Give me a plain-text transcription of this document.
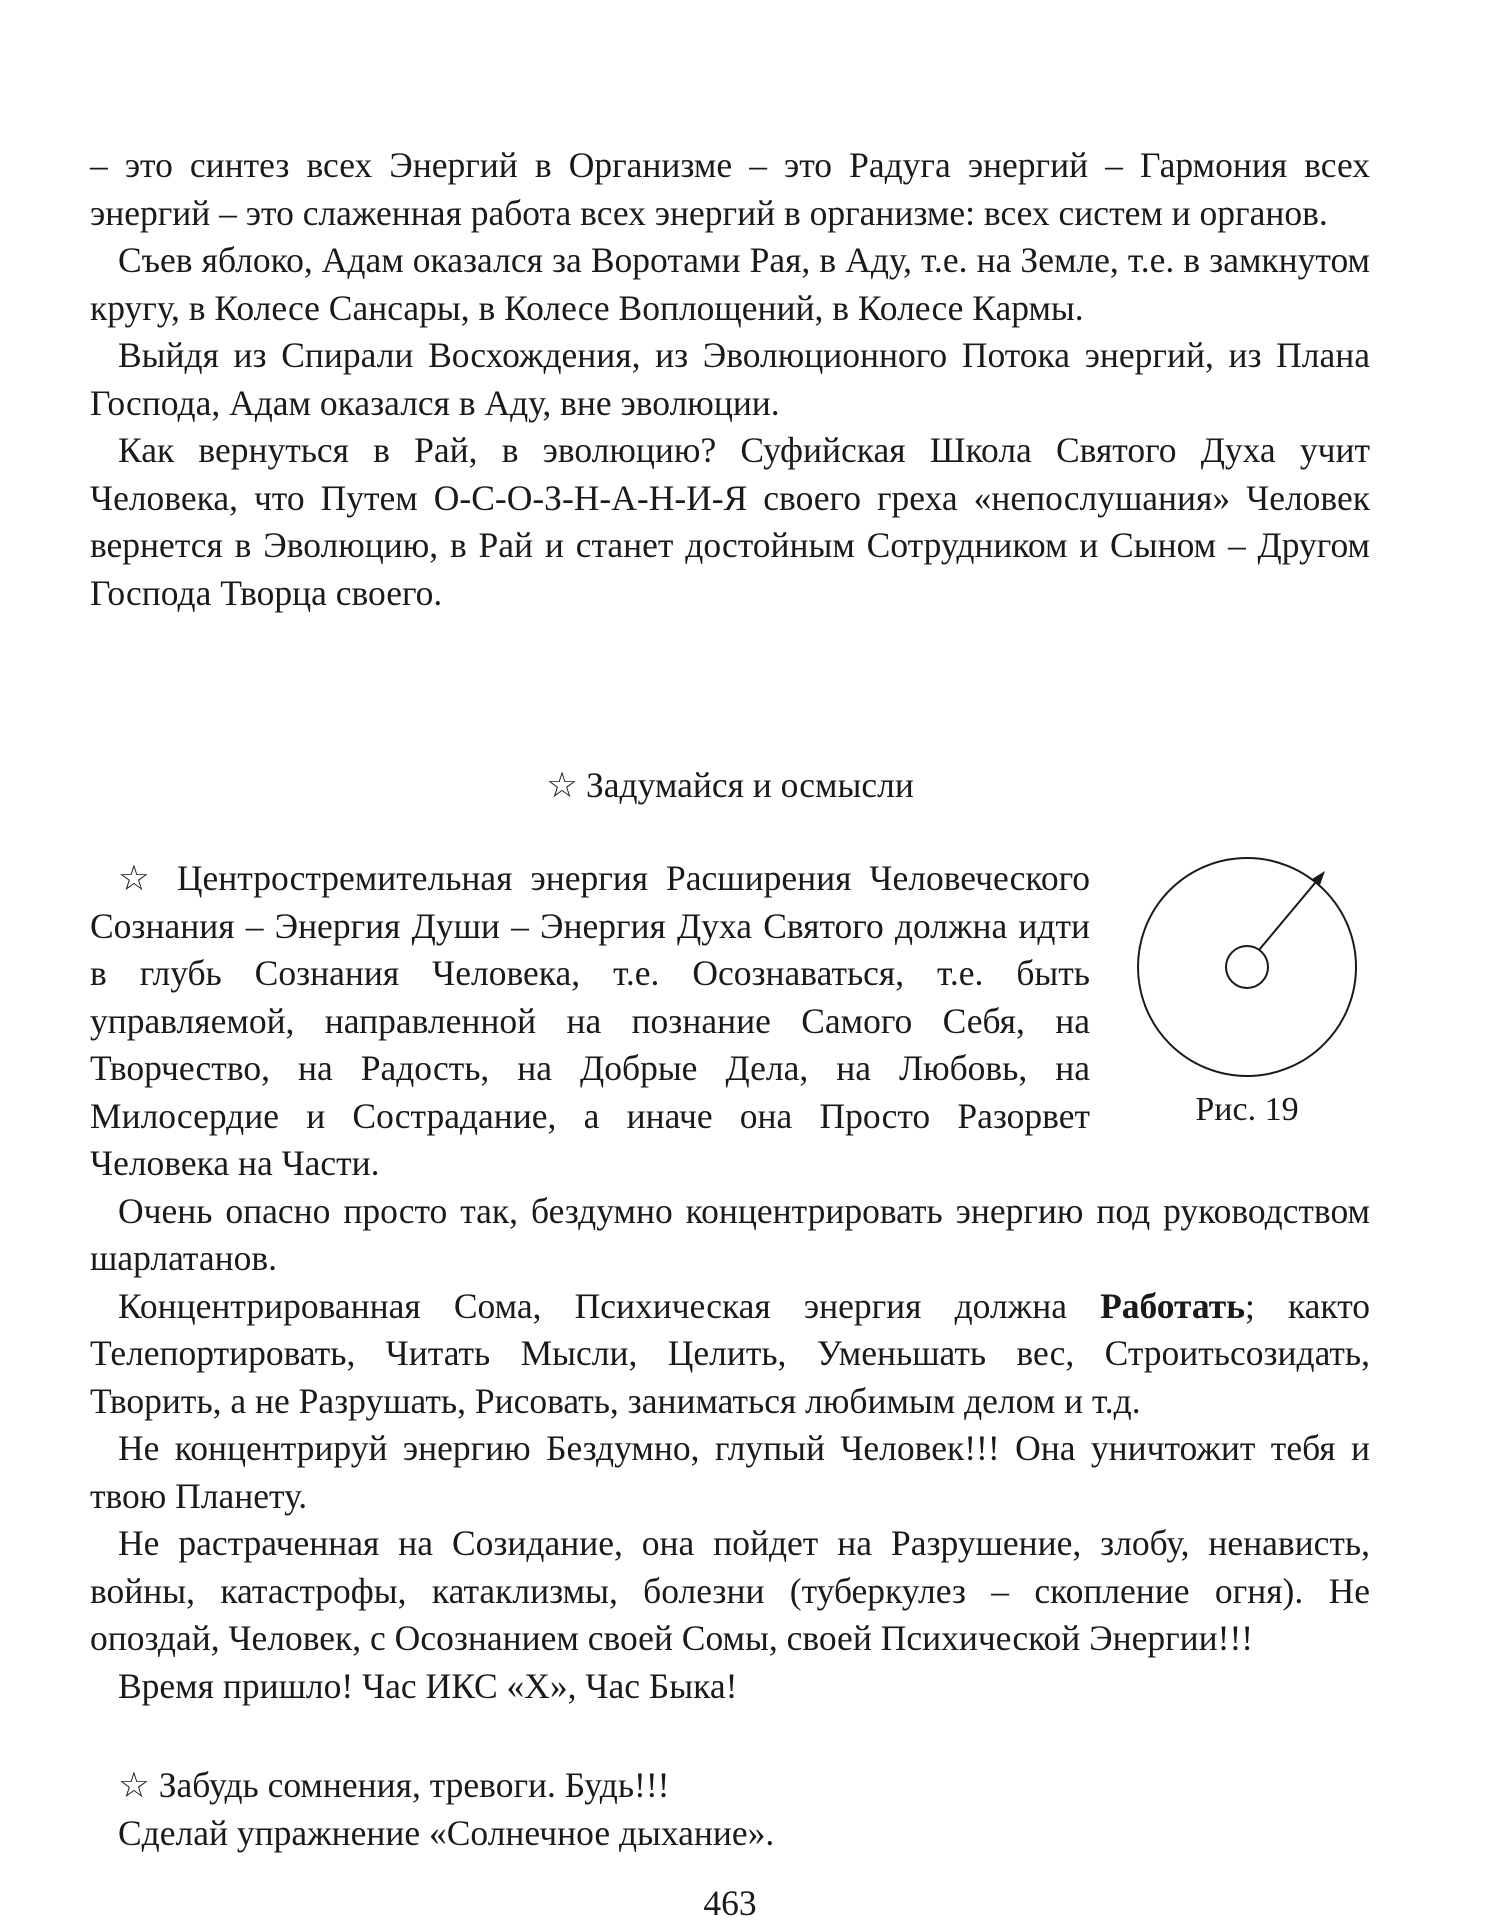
– это синтез всех Энергий в Организме – это Радуга энергий – Гармония всех энергий – это слаженная работа всех энергий в организме: всех систем и органов.

Съев яблоко, Адам оказался за Воротами Рая, в Аду, т.е. на Земле, т.е. в замкнутом кругу, в Колесе Сансары, в Колесе Воплощений, в Колесе Кармы.

Выйдя из Спирали Восхождения, из Эволюционного Потока энергий, из Плана Господа, Адам оказался в Аду, вне эволюции.

Как вернуться в Рай, в эволюцию? Суфийская Школа Святого Духа учит Человека, что Путем О-С-О-З-Н-А-Н-И-Я своего греха «непослушания» Человек вернется в Эволюцию, в Рай и станет достойным Сотрудником и Сыном – Другом Господа Творца своего.

☆ Задумайся и осмысли
Рис. 19

☆ Центростремительная энергия Расширения Человеческого Сознания – Энергия Души – Энергия Духа Святого должна идти в глубь Сознания Человека, т.е. Осознаваться, т.е. быть управляемой, направленной на познание Самого Себя, на Творчество, на Радость, на Добрые Дела, на Любовь, на Милосердие и Сострадание, а иначе она Просто Разорвет Человека на Части.

Очень опасно просто так, бездумно концентрировать энергию под руководством шарлатанов.

Концентрированная Сома, Психическая энергия должна Работать; както Телепортировать, Читать Мысли, Целить, Уменьшать вес, Строитьсозидать, Творить, а не Разрушать, Рисовать, заниматься любимым делом и т.д.

Не концентрируй энергию Бездумно, глупый Человек!!! Она уничтожит тебя и твою Планету.

Не растраченная на Созидание, она пойдет на Разрушение, злобу, ненависть, войны, катастрофы, катаклизмы, болезни (туберкулез – скопление огня). Не опоздай, Человек, с Осознанием своей Сомы, своей Психической Энергии!!!

Время пришло! Час ИКС «Х», Час Быка!

☆ Забудь сомнения, тревоги. Будь!!!

Сделай упражнение «Солнечное дыхание».

463
